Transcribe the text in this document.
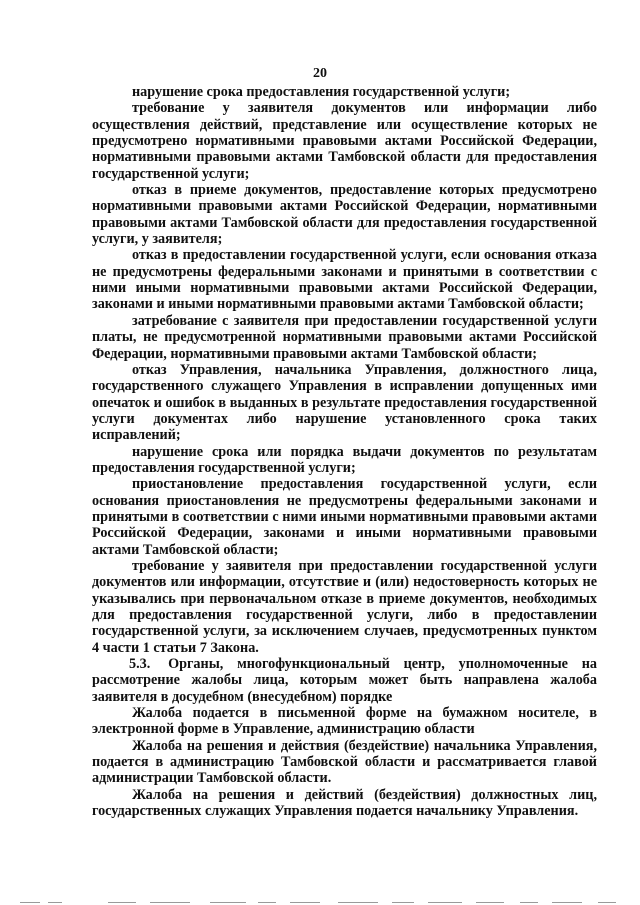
20

нарушение срока предоставления государственной услуги;

требование у заявителя документов или информации либо осуществления действий, представление или осуществление которых не предусмотрено нормативными правовыми актами Российской Федерации, нормативными правовыми актами Тамбовской области для предоставления государственной услуги;

отказ в приеме документов, предоставление которых предусмотрено нормативными правовыми актами Российской Федерации, нормативными правовыми актами Тамбовской области для предоставления государственной услуги, у заявителя;

отказ в предоставлении государственной услуги, если основания отказа не предусмотрены федеральными законами и принятыми в соответствии с ними иными нормативными правовыми актами Российской Федерации, законами и иными нормативными правовыми актами Тамбовской области;

затребование с заявителя при предоставлении государственной услуги платы, не предусмотренной нормативными правовыми актами Российской Федерации, нормативными правовыми актами Тамбовской области;

отказ Управления, начальника Управления, должностного лица, государственного служащего Управления в исправлении допущенных ими опечаток и ошибок в выданных в результате предоставления государственной услуги документах либо нарушение установленного срока таких исправлений;

нарушение срока или порядка выдачи документов по результатам предоставления государственной услуги;

приостановление предоставления государственной услуги, если основания приостановления не предусмотрены федеральными законами и принятыми в соответствии с ними иными нормативными правовыми актами Российской Федерации, законами и иными нормативными правовыми актами Тамбовской области;

требование у заявителя при предоставлении государственной услуги документов или информации, отсутствие и (или) недостоверность которых не указывались при первоначальном отказе в приеме документов, необходимых для предоставления государственной услуги, либо в предоставлении государственной услуги, за исключением случаев, предусмотренных пунктом 4 части 1 статьи 7 Закона.

5.3. Органы, многофункциональный центр, уполномоченные на рассмотрение жалобы лица, которым может быть направлена жалоба заявителя в досудебном (внесудебном) порядке

Жалоба подается в письменной форме на бумажном носителе, в электронной форме в Управление, администрацию области

Жалоба на решения и действия (бездействие) начальника Управления, подается в администрацию Тамбовской области и рассматривается главой администрации Тамбовской области.

Жалоба на решения и действий (бездействия) должностных лиц, государственных служащих Управления подается начальнику Управления.
